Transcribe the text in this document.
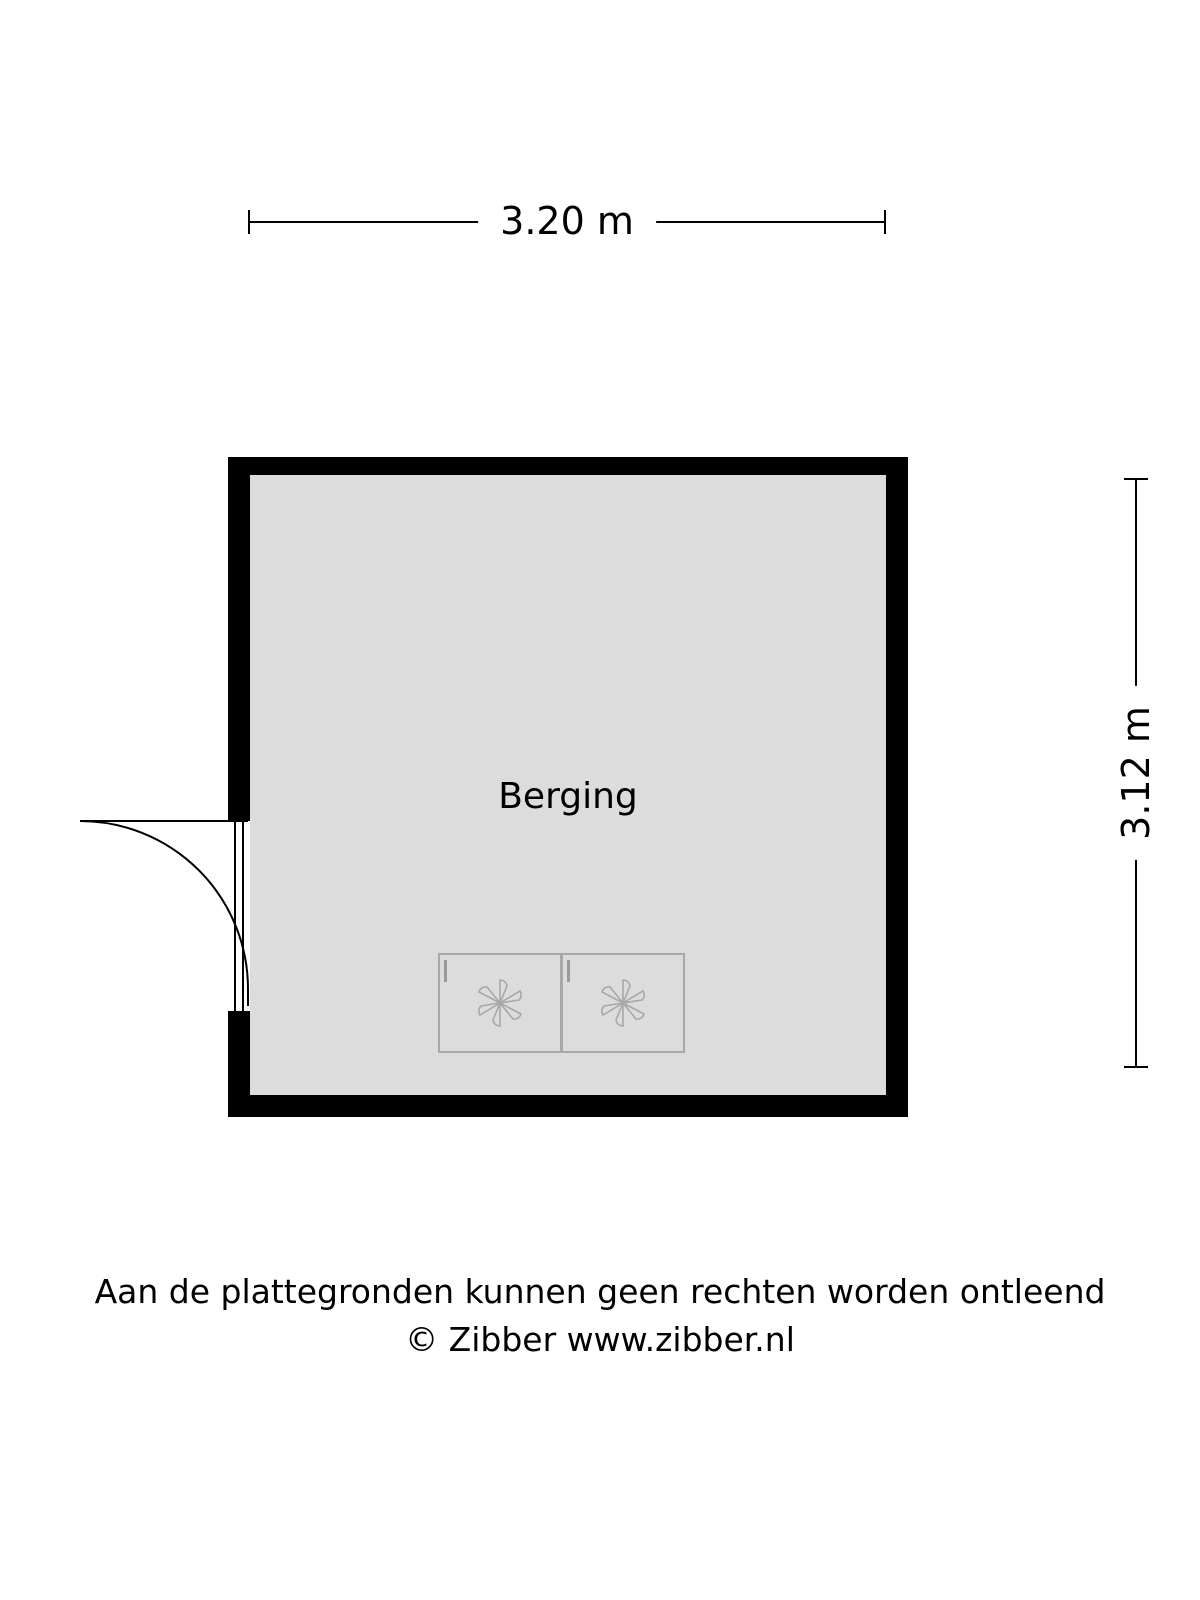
3.20 m
3.12 m
Berging
Aan de plattegronden kunnen geen rechten worden ontleend
© Zibber www.zibber.nl
